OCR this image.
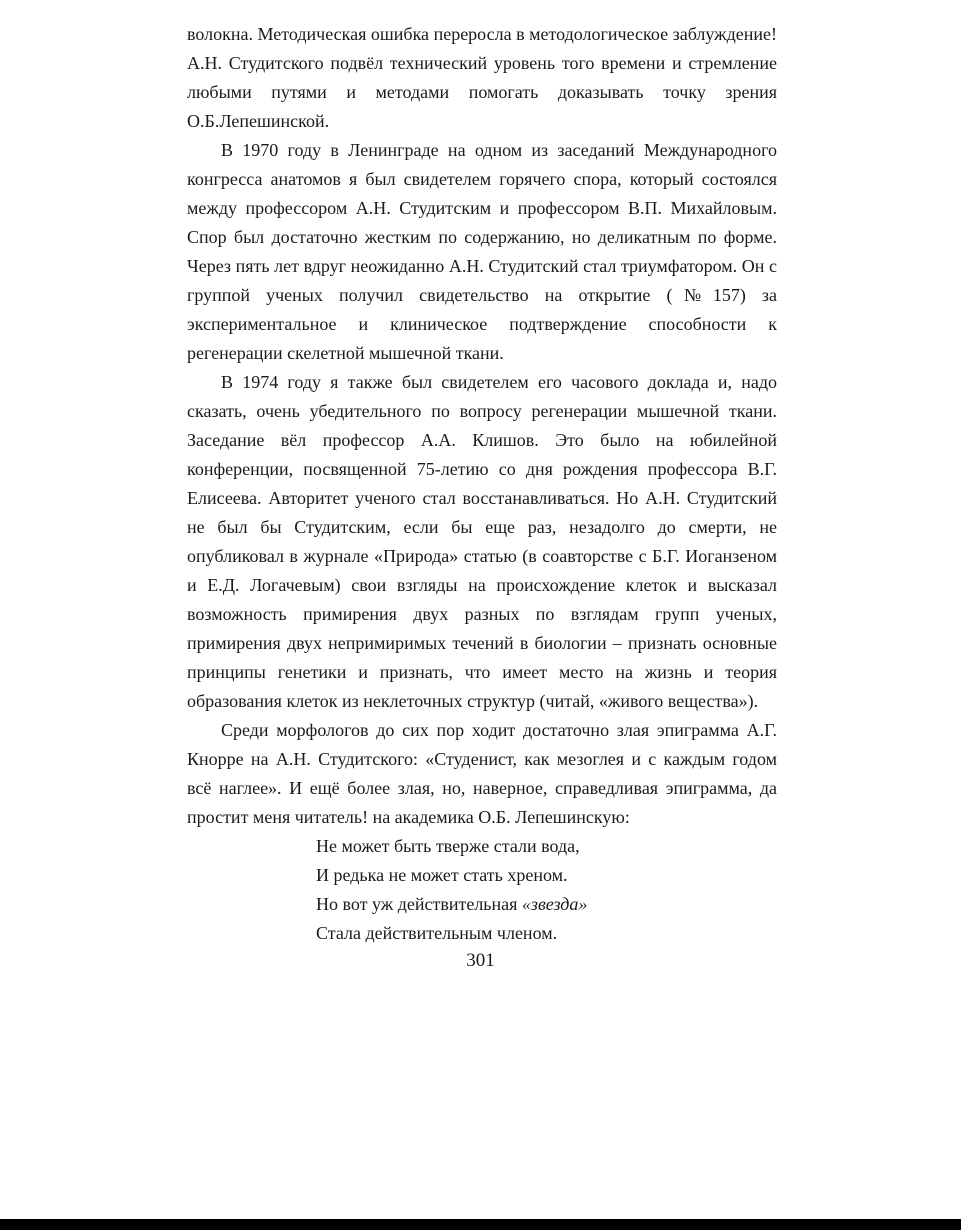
волокна. Методическая ошибка переросла в методологическое заблуждение! А.Н. Студитского подвёл технический уровень того времени и стремление любыми путями и методами помогать доказывать точку зрения О.Б.Лепешинской.

В 1970 году в Ленинграде на одном из заседаний Международного конгресса анатомов я был свидетелем горячего спора, который состоялся между профессором А.Н. Студитским и профессором В.П. Михайловым. Спор был достаточно жестким по содержанию, но деликатным по форме. Через пять лет вдруг неожиданно А.Н. Студитский стал триумфатором. Он с группой ученых получил свидетельство на открытие (№157) за экспериментальное и клиническое подтверждение способности к регенерации скелетной мышечной ткани.

В 1974 году я также был свидетелем его часового доклада и, надо сказать, очень убедительного по вопросу регенерации мышечной ткани. Заседание вёл профессор А.А. Клишов. Это было на юбилейной конференции, посвященной 75-летию со дня рождения профессора В.Г. Елисеева. Авторитет ученого стал восстанавливаться. Но А.Н. Студитский не был бы Студитским, если бы еще раз, незадолго до смерти, не опубликовал в журнале «Природа» статью (в соавторстве с Б.Г. Иоганзеном и Е.Д. Логачевым) свои взгляды на происхождение клеток и высказал возможность примирения двух разных по взглядам групп ученых, примирения двух непримиримых течений в биологии – признать основные принципы генетики и признать, что имеет место на жизнь и теория образования клеток из неклеточных структур (читай, «живого вещества»).

Среди морфологов до сих пор ходит достаточно злая эпиграмма А.Г. Кнорре на А.Н. Студитского: «Студенист, как мезоглея и с каждым годом всё наглее». И ещё более злая, но, наверное, справедливая эпиграмма, да простит меня читатель! на академика О.Б. Лепешинскую:

Не может быть тверже стали вода,
И редька не может стать хреном.
Но вот уж действительная «звезда»
Стала действительным членом.
301
